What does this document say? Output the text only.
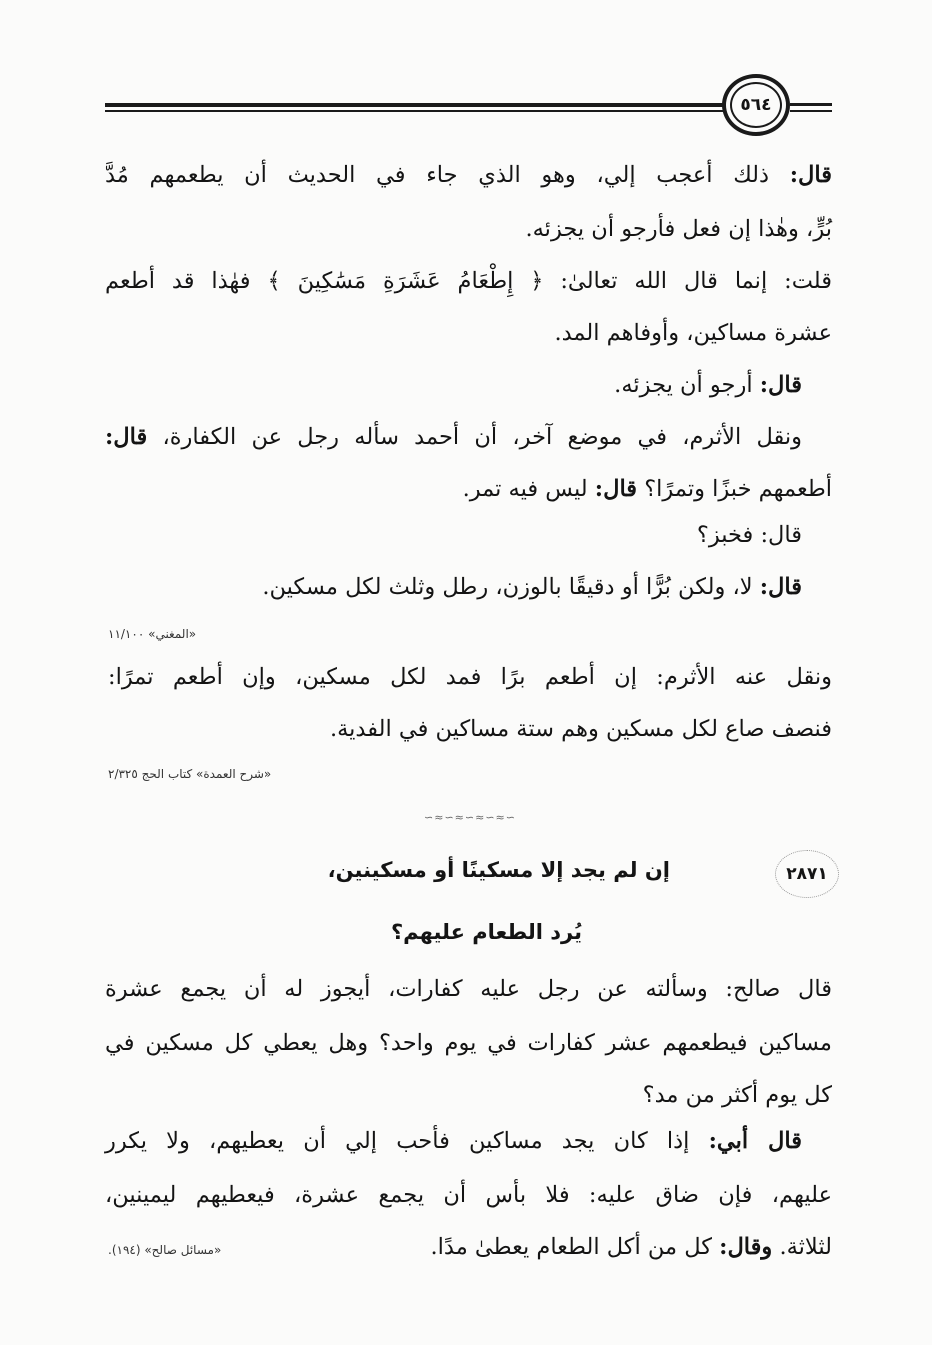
٥٦٤
قال: ذلك أعجب إلي، وهو الذي جاء في الحديث أن يطعمهم مُدَّ
بُرٍّ، وهٰذا إن فعل فأرجو أن يجزئه.
قلت: إنما قال الله تعالىٰ: ﴿ إِطْعَامُ عَشَرَةِ مَسَٰكِينَ ﴾ فهٰذا قد أطعم
عشرة مساكين، وأوفاهم المد.
قال: أرجو أن يجزئه.
ونقل الأثرم، في موضع آخر، أن أحمد سأله رجل عن الكفارة، قال:
أطعمهم خبزًا وتمرًا؟ قال: ليس فيه تمر.
قال: فخبز؟
قال: لا، ولكن بُرًّا أو دقيقًا بالوزن، رطل وثلث لكل مسكين.
«المغني» ١١/١٠٠
ونقل عنه الأثرم: إن أطعم برًا فمد لكل مسكين، وإن أطعم تمرًا:
فنصف صاع لكل مسكين وهم ستة مساكين في الفدية.
«شرح العمدة» كتاب الحج ٢/٣٢٥
∽≈∽≈∽≈∽≈∽
٢٨٧١
إن لم يجد إلا مسكينًا أو مسكينين،
يُرد الطعام عليهم؟
قال صالح: وسألته عن رجل عليه كفارات، أيجوز له أن يجمع عشرة
مساكين فيطعمهم عشر كفارات في يوم واحد؟ وهل يعطي كل مسكين في
كل يوم أكثر من مد؟
قال أبي: إذا كان يجد مساكين فأحب إلي أن يعطيهم، ولا يكرر
عليهم، فإن ضاق عليه: فلا بأس أن يجمع عشرة، فيعطيهم ليمينين،
لثلاثة. وقال: كل من أكل الطعام يعطىٰ مدًا.
«مسائل صالح» (١٩٤).
